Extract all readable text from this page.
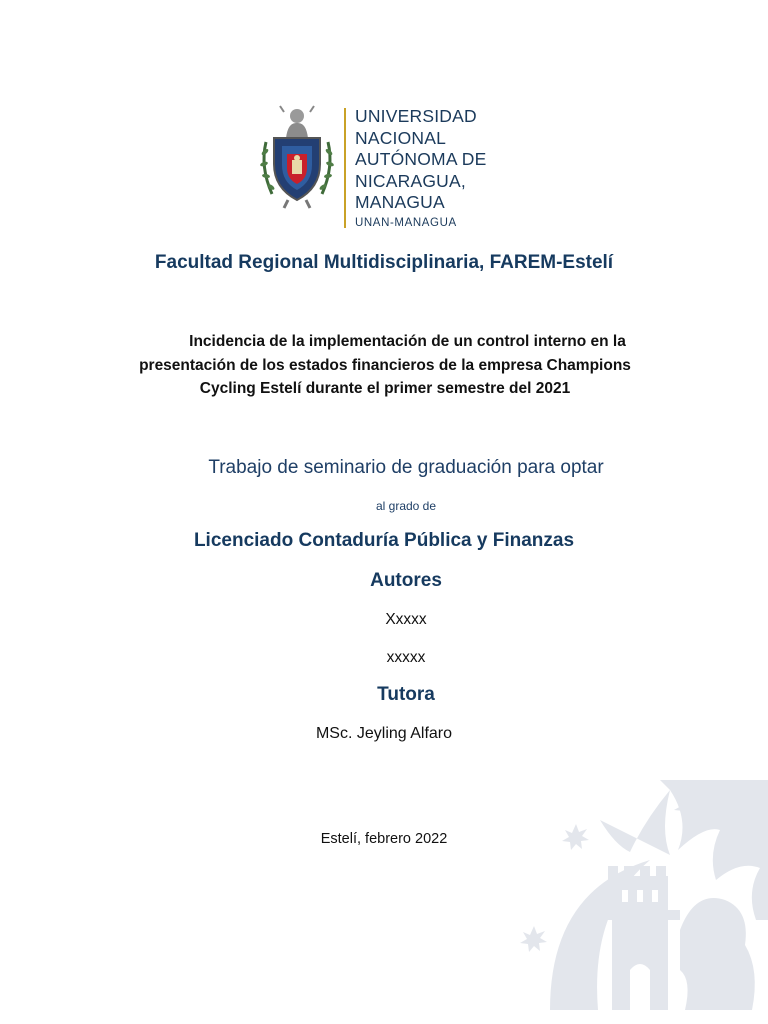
UNIVERSIDAD
NACIONAL
AUTÓNOMA DE
NICARAGUA,
MANAGUA
UNAN-MANAGUA
Facultad Regional Multidisciplinaria, FAREM-Estelí
Incidencia de la implementación de un control interno en la
presentación de los estados financieros de la empresa Champions
Cycling Estelí durante el primer semestre del 2021
Trabajo de seminario de graduación para optar
al grado de
Licenciado Contaduría Pública y Finanzas
Autores
Xxxxx
xxxxx
Tutora
MSc. Jeyling Alfaro
Estelí, febrero 2022
